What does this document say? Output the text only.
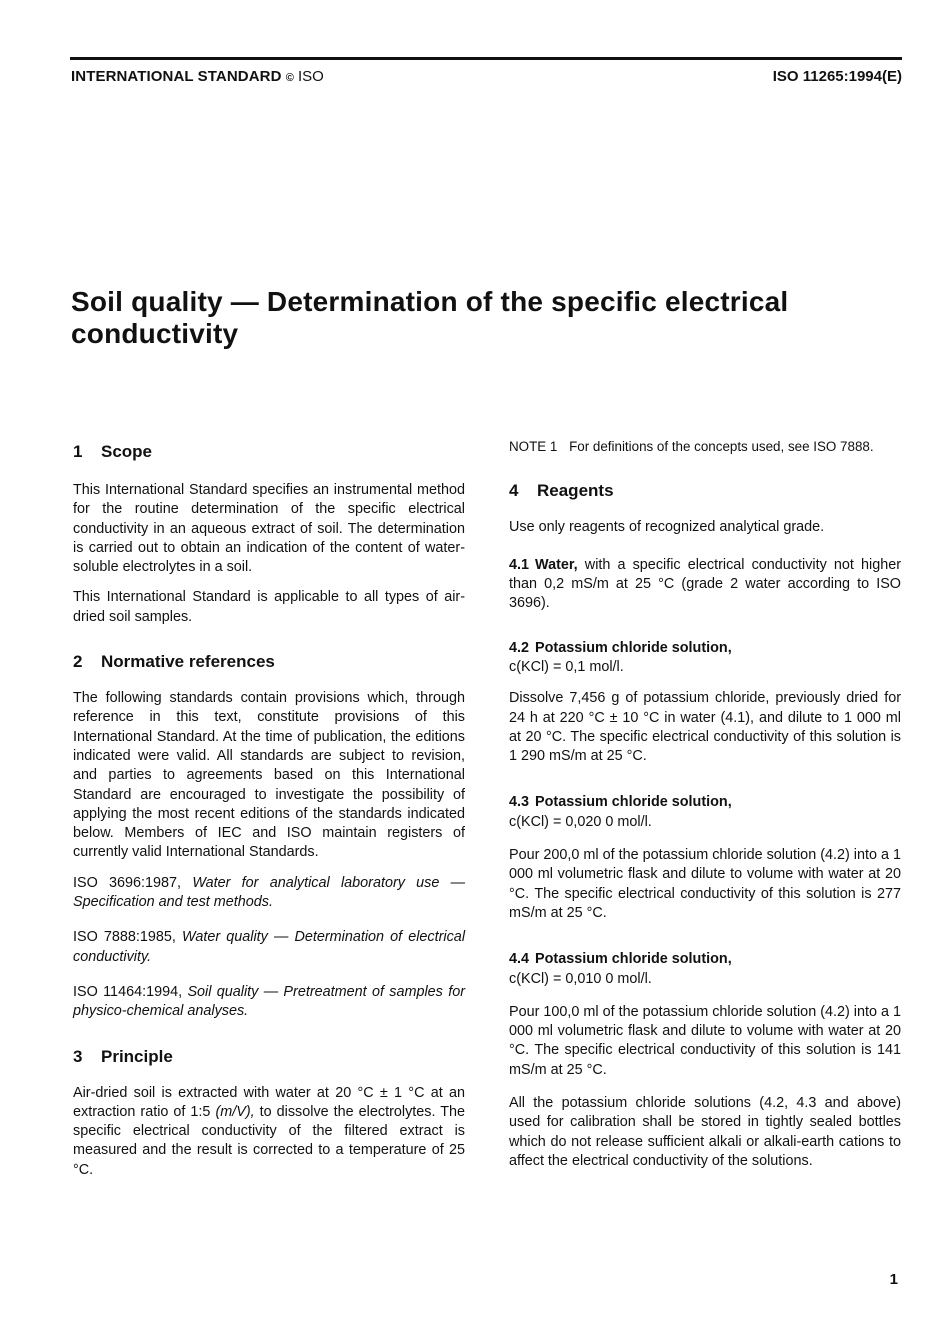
INTERNATIONAL STANDARD © ISO	ISO 11265:1994(E)
Soil quality — Determination of the specific electrical
conductivity
1 Scope

This International Standard specifies an instrumental method for the routine determination of the specific electrical conductivity in an aqueous extract of soil. The determination is carried out to obtain an indication of the content of water-soluble electrolytes in a soil.

This International Standard is applicable to all types of air-dried soil samples.

2 Normative references

The following standards contain provisions which, through reference in this text, constitute provisions of this International Standard. At the time of publication, the editions indicated were valid. All standards are subject to revision, and parties to agreements based on this International Standard are encouraged to investigate the possibility of applying the most recent editions of the standards indicated below. Members of IEC and ISO maintain registers of currently valid International Standards.

ISO 3696:1987, Water for analytical laboratory use — Specification and test methods.

ISO 7888:1985, Water quality — Determination of electrical conductivity.

ISO 11464:1994, Soil quality — Pretreatment of samples for physico-chemical analyses.

3 Principle

Air-dried soil is extracted with water at 20 °C ± 1 °C at an extraction ratio of 1:5 (m/V), to dissolve the electrolytes. The specific electrical conductivity of the filtered extract is measured and the result is corrected to a temperature of 25 °C.

NOTE 1 For definitions of the concepts used, see ISO 7888.

4 Reagents

Use only reagents of recognized analytical grade.

4.1 Water, with a specific electrical conductivity not higher than 0,2 mS/m at 25 °C (grade 2 water according to ISO 3696).

4.2 Potassium chloride solution,

c(KCl) = 0,1 mol/l.

Dissolve 7,456 g of potassium chloride, previously dried for 24 h at 220 °C ± 10 °C in water (4.1), and dilute to 1 000 ml at 20 °C. The specific electrical conductivity of this solution is 1 290 mS/m at 25 °C.

4.3 Potassium chloride solution,

c(KCl) = 0,020 0 mol/l.

Pour 200,0 ml of the potassium chloride solution (4.2) into a 1 000 ml volumetric flask and dilute to volume with water at 20 °C. The specific electrical conductivity of this solution is 277 mS/m at 25 °C.

4.4 Potassium chloride solution,

c(KCl) = 0,010 0 mol/l.

Pour 100,0 ml of the potassium chloride solution (4.2) into a 1 000 ml volumetric flask and dilute to volume with water at 20 °C. The specific electrical conductivity of this solution is 141 mS/m at 25 °C.

All the potassium chloride solutions (4.2, 4.3 and above) used for calibration shall be stored in tightly sealed bottles which do not release sufficient alkali or alkali-earth cations to affect the electrical conductivity of the solutions.

1
